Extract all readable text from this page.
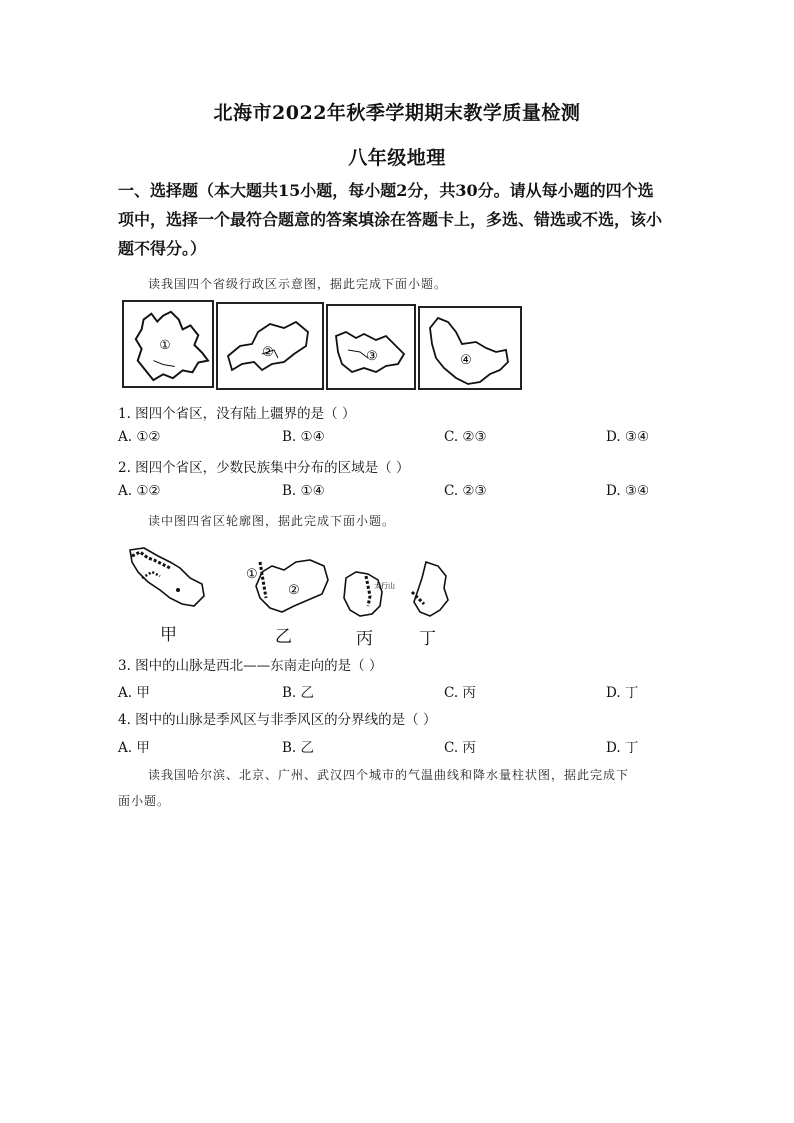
北海市2022年秋季学期期末教学质量检测
八年级地理
一、选择题（本大题共15小题，每小题2分，共30分。请从每小题的四个选
项中，选择一个最符合题意的答案填涂在答题卡上，多选、错选或不选，该小
题不得分。）
读我国四个省级行政区示意图，据此完成下面小题。
①
②	③	④
1. 图四个省区，没有陆上疆界的是（ ）
A. ①②	B. ①④	C. ②③	D. ③④
2. 图四个省区，少数民族集中分布的区域是（ ）
A. ①②	B. ①④	C. ②③	D. ③④
读中图四省区轮廓图，据此完成下面小题。
①
②	太行山
甲	乙	丙	丁
3. 图中的山脉是西北——东南走向的是（ ）
A. 甲	B. 乙	C. 丙	D. 丁
4. 图中的山脉是季风区与非季风区的分界线的是（ ）
A. 甲	B. 乙	C. 丙	D. 丁
读我国哈尔滨、北京、广州、武汉四个城市的气温曲线和降水量柱状图，据此完成下
面小题。
